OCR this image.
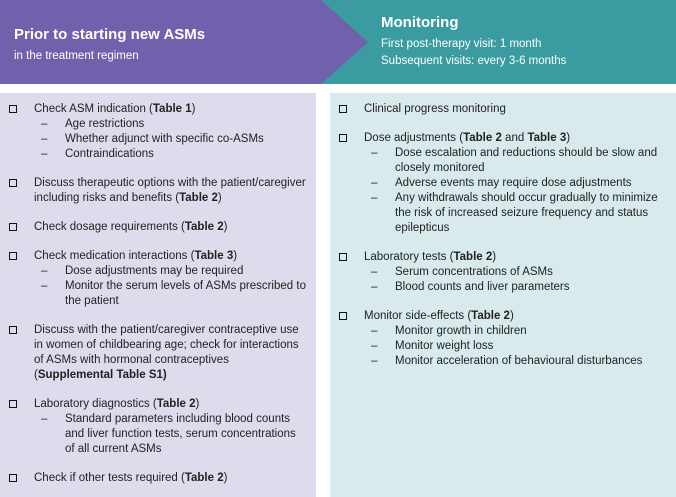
Prior to starting new ASMs
in the treatment regimen
Monitoring
First post-therapy visit: 1 month
Subsequent visits: every 3-6 months
Check ASM indication (Table 1)
– Age restrictions
– Whether adjunct with specific co-ASMs
– Contraindications
Discuss therapeutic options with the patient/caregiver including risks and benefits (Table 2)
Check dosage requirements (Table 2)
Check medication interactions (Table 3)
– Dose adjustments may be required
– Monitor the serum levels of ASMs prescribed to the patient
Discuss with the patient/caregiver contraceptive use in women of childbearing age; check for interactions of ASMs with hormonal contraceptives (Supplemental Table S1)
Laboratory diagnostics (Table 2)
– Standard parameters including blood counts and liver function tests, serum concentrations of all current ASMs
Check if other tests required (Table 2)
Clinical progress monitoring
Dose adjustments (Table 2 and Table 3)
– Dose escalation and reductions should be slow and closely monitored
– Adverse events may require dose adjustments
– Any withdrawals should occur gradually to minimize the risk of increased seizure frequency and status epilepticus
Laboratory tests (Table 2)
– Serum concentrations of ASMs
– Blood counts and liver parameters
Monitor side-effects (Table 2)
– Monitor growth in children
– Monitor weight loss
– Monitor acceleration of behavioural disturbances
